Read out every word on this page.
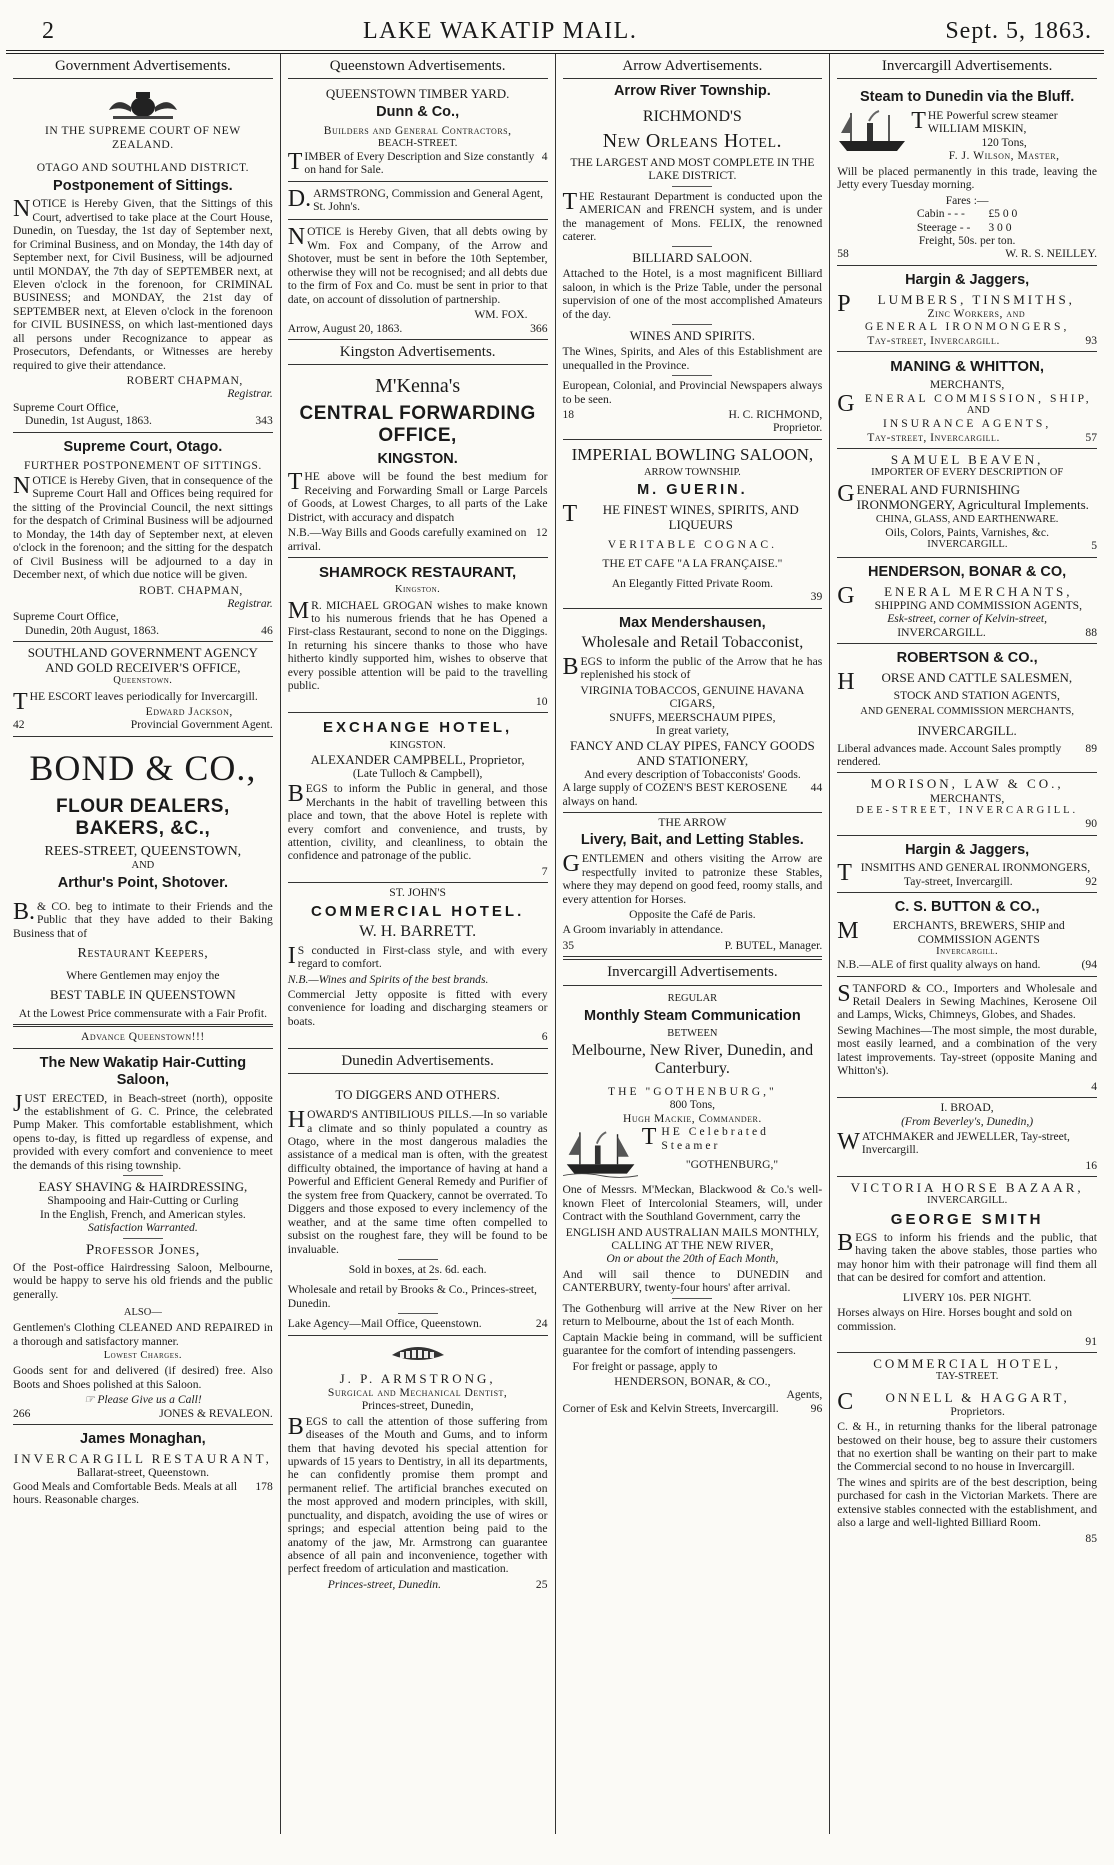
2	LAKE WAKATIP MAIL.	Sept. 5, 1863.
Government Advertisements.
IN THE SUPREME COURT OF NEW ZEALAND.
OTAGO AND SOUTHLAND DISTRICT.
Postponement of Sittings.
NOTICE is Hereby Given, that the Sittings of this Court, advertised to take place at the Court House, Dunedin, on Tuesday, the 1st day of September next, for Criminal Business, and on Monday, the 14th day of September next, for Civil Business, will be adjourned until MONDAY, the 7th day of SEPTEMBER next, at Eleven o'clock in the forenoon, for CRIMINAL BUSINESS; and MONDAY, the 21st day of SEPTEMBER next, at Eleven o'clock in the forenoon for CIVIL BUSINESS, on which last-mentioned days all persons under Recognizance to appear as Prosecutors, Defendants, or Witnesses are hereby required to give their attendance.
ROBERT CHAPMAN,
Registrar.
Supreme Court Office,
Dunedin, 1st August, 1863.	343
Supreme Court, Otago.
FURTHER POSTPONEMENT OF SITTINGS.
NOTICE is Hereby Given, that in consequence of the Supreme Court Hall and Offices being required for the sitting of the Provincial Council, the next sittings for the despatch of Criminal Business will be adjourned to Monday, the 14th day of September next, at eleven o'clock in the forenoon; and the sitting for the despatch of Civil Business will be adjourned to a day in December next, of which due notice will be given.
ROBT. CHAPMAN,
Registrar.
Supreme Court Office,
Dunedin, 20th August, 1863.	46
SOUTHLAND GOVERNMENT AGENCY AND GOLD RECEIVER'S OFFICE,
Queenstown.
THE ESCORT leaves periodically for Invercargill.
Edward Jackson,
42	Provincial Government Agent.
BOND & CO.,
FLOUR DEALERS, BAKERS, &C.,
REES-STREET, QUEENSTOWN,
AND
Arthur's Point, Shotover.
B.& CO. beg to intimate to their Friends and the Public that they have added to their Baking Business that of
Restaurant Keepers,
Where Gentlemen may enjoy the
BEST TABLE IN QUEENSTOWN
At the Lowest Price commensurate with a Fair Profit.
Advance Queenstown!!!
The New Wakatip Hair-Cutting Saloon,
JUST ERECTED, in Beach-street (north), opposite the establishment of G. C. Prince, the celebrated Pump Maker. This comfortable establishment, which opens to-day, is fitted up regardless of expense, and provided with every comfort and convenience to meet the demands of this rising township.
EASY SHAVING & HAIRDRESSING,
Shampooing and Hair-Cutting or Curling
In the English, French, and American styles.
Satisfaction Warranted.
Professor Jones,
Of the Post-office Hairdressing Saloon, Melbourne, would be happy to serve his old friends and the public generally.
ALSO—
Gentlemen's Clothing CLEANED AND REPAIRED in a thorough and satisfactory manner.
Lowest Charges.
Goods sent for and delivered (if desired) free. Also Boots and Shoes polished at this Saloon.
☞ Please Give us a Call!
266	JONES & REVALEON.
James Monaghan,
INVERCARGILL RESTAURANT,
Ballarat-street, Queenstown.
Good Meals and Comfortable Beds. Meals at all hours. Reasonable charges.
178
Queenstown Advertisements.
QUEENSTOWN TIMBER YARD.
Dunn & Co.,
Builders and General Contractors,
BEACH-STREET.
TIMBER of Every Description and Size constantly on hand for Sale.
4
D.ARMSTRONG, Commission and General Agent, St. John's.
NOTICE is Hereby Given, that all debts owing by Wm. Fox and Company, of the Arrow and Shotover, must be sent in before the 10th September, otherwise they will not be recognised; and all debts due to the firm of Fox and Co. must be sent in prior to that date, on account of dissolution of partnership.
WM. FOX.
Arrow, August 20, 1863.	366
Kingston Advertisements.
M'Kenna's
CENTRAL FORWARDING OFFICE,
KINGSTON.
THE above will be found the best medium for Receiving and Forwarding Small or Large Parcels of Goods, at Lowest Charges, to all parts of the Lake District, with accuracy and dispatch
N.B.—Way Bills and Goods carefully examined on arrival.
12
SHAMROCK RESTAURANT,
Kingston.
MR. MICHAEL GROGAN wishes to make known to his numerous friends that he has Opened a First-class Restaurant, second to none on the Diggings. In returning his sincere thanks to those who have hitherto kindly supported him, wishes to observe that every possible attention will be paid to the travelling public.
10
EXCHANGE HOTEL,
KINGSTON.
ALEXANDER CAMPBELL, Proprietor,
(Late Tulloch & Campbell),
BEGS to inform the Public in general, and those Merchants in the habit of travelling between this place and town, that the above Hotel is replete with every comfort and convenience, and trusts, by attention, civility, and cleanliness, to obtain the confidence and patronage of the public.
7
ST. JOHN'S
COMMERCIAL HOTEL.
W. H. BARRETT.
IS conducted in First-class style, and with every regard to comfort.
N.B.—Wines and Spirits of the best brands.
Commercial Jetty opposite is fitted with every convenience for loading and discharging steamers or boats.
6
Dunedin Advertisements.
TO DIGGERS AND OTHERS.
HOWARD'S ANTIBILIOUS PILLS.—In so variable a climate and so thinly populated a country as Otago, where in the most dangerous maladies the assistance of a medical man is often, with the greatest difficulty obtained, the importance of having at hand a Powerful and Efficient General Remedy and Purifier of the system free from Quackery, cannot be overrated. To Diggers and those exposed to every inclemency of the weather, and at the same time often compelled to subsist on the roughest fare, they will be found to be invaluable.
Sold in boxes, at 2s. 6d. each.
Wholesale and retail by Brooks & Co., Princes-street, Dunedin.
Lake Agency—Mail Office, Queenstown.	24
J. P. ARMSTRONG,
Surgical and Mechanical Dentist,
Princes-street, Dunedin,
BEGS to call the attention of those suffering from diseases of the Mouth and Gums, and to inform them that having devoted his special attention for upwards of 15 years to Dentistry, in all its departments, he can confidently promise them prompt and permanent relief. The artificial branches executed on the most approved and modern principles, with skill, punctuality, and dispatch, avoiding the use of wires or springs; and especial attention being paid to the anatomy of the jaw, Mr. Armstrong can guarantee absence of all pain and inconvenience, together with perfect freedom of articulation and mastication.
Princes-street, Dunedin.	25
Arrow Advertisements.
Arrow River Township.
RICHMOND'S
New Orleans Hotel.
THE LARGEST AND MOST COMPLETE IN THE LAKE DISTRICT.
THE Restaurant Department is conducted upon the AMERICAN and FRENCH system, and is under the management of Mons. FELIX, the renowned caterer.
BILLIARD SALOON.
Attached to the Hotel, is a most magnificent Billiard saloon, in which is the Prize Table, under the personal supervision of one of the most accomplished Amateurs of the day.
WINES AND SPIRITS.
The Wines, Spirits, and Ales of this Establishment are unequalled in the Province.
European, Colonial, and Provincial Newspapers always to be seen.
18	H. C. RICHMOND,
Proprietor.
IMPERIAL BOWLING SALOON,
ARROW TOWNSHIP.
M. GUERIN.
THE FINEST WINES, SPIRITS, AND LIQUEURS
VERITABLE COGNAC.
THE ET CAFE "A LA FRANÇAISE."
An Elegantly Fitted Private Room.
39
Max Mendershausen,
Wholesale and Retail Tobacconist,
BEGS to inform the public of the Arrow that he has replenished his stock of
VIRGINIA TOBACCOS, GENUINE HAVANA CIGARS,
SNUFFS, MEERSCHAUM PIPES,
In great variety,
FANCY AND CLAY PIPES, FANCY GOODS AND STATIONERY,
And every description of Tobacconists' Goods.
A large supply of COZEN'S BEST KEROSENE always on hand.
44
THE ARROW
Livery, Bait, and Letting Stables.
GENTLEMEN and others visiting the Arrow are respectfully invited to patronize these Stables, where they may depend on good feed, roomy stalls, and every attention for Horses.
Opposite the Café de Paris.
A Groom invariably in attendance.
35	P. BUTEL, Manager.
Invercargill Advertisements.
REGULAR
Monthly Steam Communication
BETWEEN
Melbourne, New River, Dunedin, and Canterbury.
THE "GOTHENBURG,"
800 Tons,
Hugh Mackie, Commander.
THE Celebrated Steamer
"GOTHENBURG,"
One of Messrs. M'Meckan, Blackwood & Co.'s well-known Fleet of Intercolonial Steamers, will, under Contract with the Southland Government, carry the
ENGLISH AND AUSTRALIAN MAILS MONTHLY,
CALLING AT THE NEW RIVER,
On or about the 20th of Each Month,
And will sail thence to DUNEDIN and CANTERBURY, twenty-four hours' after arrival.
The Gothenburg will arrive at the New River on her return to Melbourne, about the 1st of each Month.
Captain Mackie being in command, will be sufficient guarantee for the comfort of intending passengers.
For freight or passage, apply to
HENDERSON, BONAR, & CO.,
Agents,
Corner of Esk and Kelvin Streets, Invercargill.	96
Invercargill Advertisements.
Steam to Dunedin via the Bluff.
THE Powerful screw steamer WILLIAM MISKIN,
120 Tons,
F. J. Wilson, Master,
Will be placed permanently in this trade, leaving the Jetty every Tuesday morning.
Fares :—
Cabin - - -	£5 0 0
Steerage - - 3 0 0
Freight, 50s. per ton.
58	W. R. S. NEILLEY.
Hargin & Jaggers,
PLUMBERS, TINSMITHS,
Zinc Workers, and
GENERAL IRONMONGERS,
Tay-street, Invercargill.	93
MANING & WHITTON,
MERCHANTS,
GENERAL COMMISSION, SHIP,
AND
INSURANCE AGENTS,
Tay-street, Invercargill.	57
SAMUEL BEAVEN,
IMPORTER OF EVERY DESCRIPTION OF
GENERAL AND FURNISHING IRONMONGERY, Agricultural Implements.
CHINA, GLASS, AND EARTHENWARE.
Oils, Colors, Paints, Varnishes, &c.
INVERCARGILL.	5
HENDERSON, BONAR & CO,
GENERAL MERCHANTS,
SHIPPING AND COMMISSION AGENTS,
Esk-street, corner of Kelvin-street,
INVERCARGILL.	88
ROBERTSON & CO.,
HORSE AND CATTLE SALESMEN,
STOCK AND STATION AGENTS,
AND GENERAL COMMISSION MERCHANTS,
INVERCARGILL.
Liberal advances made. Account Sales promptly rendered.
89
MORISON, LAW & CO.,
MERCHANTS,
DEE-STREET, INVERCARGILL.
90
Hargin & Jaggers,
TINSMITHS AND GENERAL IRONMONGERS,
Tay-street, Invercargill.	92
C. S. BUTTON & CO.,
MERCHANTS, BREWERS, SHIP and COMMISSION AGENTS
Invercargill.
N.B.—ALE of first quality always on hand.	(94
STANFORD & CO., Importers and Wholesale and Retail Dealers in Sewing Machines, Kerosene Oil and Lamps, Wicks, Chimneys, Globes, and Shades.
Sewing Machines—The most simple, the most durable, most easily learned, and a combination of the very latest improvements. Tay-street (opposite Maning and Whitton's).
4
I. BROAD,
(From Beverley's, Dunedin,)
WATCHMAKER and JEWELLER, Tay-street, Invercargill.
16
VICTORIA HORSE BAZAAR,
INVERCARGILL.
GEORGE SMITH
BEGS to inform his friends and the public, that having taken the above stables, those parties who may honor him with their patronage will find them all that can be desired for comfort and attention.
LIVERY 10s. PER NIGHT.
Horses always on Hire. Horses bought and sold on commission.
91
COMMERCIAL HOTEL,
TAY-STREET.
CONNELL & HAGGART,
Proprietors.
C. & H., in returning thanks for the liberal patronage bestowed on their house, beg to assure their customers that no exertion shall be wanting on their part to make the Commercial second to no house in Invercargill.
The wines and spirits are of the best description, being purchased for cash in the Victorian Markets. There are extensive stables connected with the establishment, and also a large and well-lighted Billiard Room.
85
